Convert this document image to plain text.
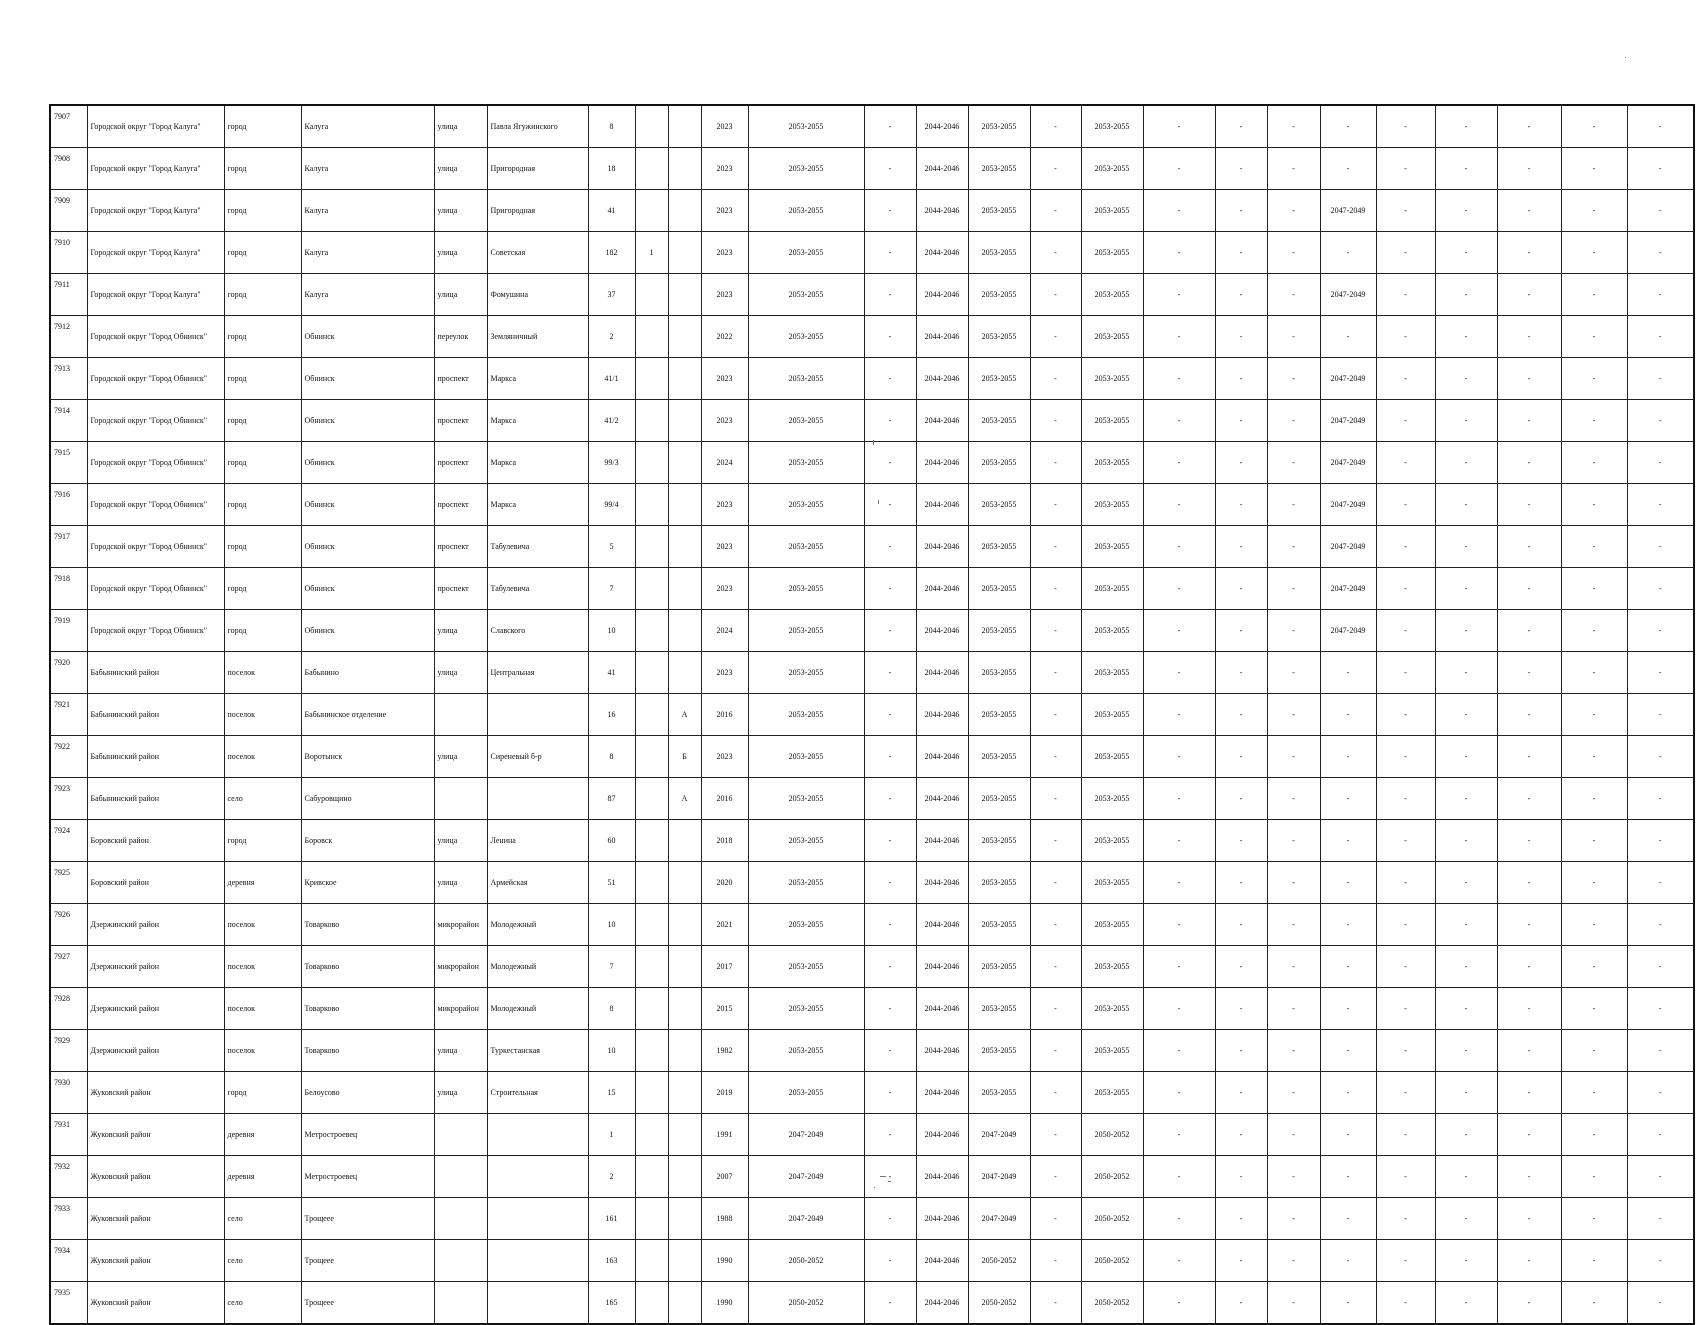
7907	Городской округ "Город Калуга"	город	Калуга	улица	Павла Ягужинского	8			2023	2053-2055	-	2044-2046	2053-2055	-	2053-2055	-	-	-	-	-	-	-	-	-
7908	Городской округ "Город Калуга"	город	Калуга	улица	Пригородная	18			2023	2053-2055	-	2044-2046	2053-2055	-	2053-2055	-	-	-	-	-	-	-	-	-
7909	Городской округ "Город Калуга"	город	Калуга	улица	Пригородная	41			2023	2053-2055	-	2044-2046	2053-2055	-	2053-2055	-	-	-	2047-2049	-	-	-	-	-
7910	Городской округ "Город Калуга"	город	Калуга	улица	Советская	182	1		2023	2053-2055	-	2044-2046	2053-2055	-	2053-2055	-	-	-	-	-	-	-	-	-
7911	Городской округ "Город Калуга"	город	Калуга	улица	Фомушина	37			2023	2053-2055	-	2044-2046	2053-2055	-	2053-2055	-	-	-	2047-2049	-	-	-	-	-
7912	Городской округ "Город Обнинск"	город	Обнинск	переулок	Земляничный	2			2022	2053-2055	-	2044-2046	2053-2055	-	2053-2055	-	-	-	-	-	-	-	-	-
7913	Городской округ "Город Обнинск"	город	Обнинск	проспект	Маркса	41/1			2023	2053-2055	-	2044-2046	2053-2055	-	2053-2055	-	-	-	2047-2049	-	-	-	-	-
7914	Городской округ "Город Обнинск"	город	Обнинск	проспект	Маркса	41/2			2023	2053-2055	-	2044-2046	2053-2055	-	2053-2055	-	-	-	2047-2049	-	-	-	-	-
7915	Городской округ "Город Обнинск"	город	Обнинск	проспект	Маркса	99/3			2024	2053-2055	-	2044-2046	2053-2055	-	2053-2055	-	-	-	2047-2049	-	-	-	-	-
7916	Городской округ "Город Обнинск"	город	Обнинск	проспект	Маркса	99/4			2023	2053-2055	-	2044-2046	2053-2055	-	2053-2055	-	-	-	2047-2049	-	-	-	-	-
7917	Городской округ "Город Обнинск"	город	Обнинск	проспект	Табулевича	5			2023	2053-2055	-	2044-2046	2053-2055	-	2053-2055	-	-	-	2047-2049	-	-	-	-	-
7918	Городской округ "Город Обнинск"	город	Обнинск	проспект	Табулевича	7			2023	2053-2055	-	2044-2046	2053-2055	-	2053-2055	-	-	-	2047-2049	-	-	-	-	-
7919	Городской округ "Город Обнинск"	город	Обнинск	улица	Славского	10			2024	2053-2055	-	2044-2046	2053-2055	-	2053-2055	-	-	-	2047-2049	-	-	-	-	-
7920	Бабынинский район	поселок	Бабынино	улица	Центральная	41			2023	2053-2055	-	2044-2046	2053-2055	-	2053-2055	-	-	-	-	-	-	-	-	-
7921	Бабынинский район	поселок	Бабынинское отделение			16		А	2016	2053-2055	-	2044-2046	2053-2055	-	2053-2055	-	-	-	-	-	-	-	-	-
7922	Бабынинский район	поселок	Воротынск	улица	Сиреневый б-р	8		Б	2023	2053-2055	-	2044-2046	2053-2055	-	2053-2055	-	-	-	-	-	-	-	-	-
7923	Бабынинский район	село	Сабуровщино			87		А	2016	2053-2055	-	2044-2046	2053-2055	-	2053-2055	-	-	-	-	-	-	-	-	-
7924	Боровский район	город	Боровск	улица	Ленина	60			2018	2053-2055	-	2044-2046	2053-2055	-	2053-2055	-	-	-	-	-	-	-	-	-
7925	Боровский район	деревня	Кривское	улица	Армейская	51			2020	2053-2055	-	2044-2046	2053-2055	-	2053-2055	-	-	-	-	-	-	-	-	-
7926	Дзержинский район	поселок	Товарково	микрорайон	Молодежный	10			2021	2053-2055	-	2044-2046	2053-2055	-	2053-2055	-	-	-	-	-	-	-	-	-
7927	Дзержинский район	поселок	Товарково	микрорайон	Молодежный	7			2017	2053-2055	-	2044-2046	2053-2055	-	2053-2055	-	-	-	-	-	-	-	-	-
7928	Дзержинский район	поселок	Товарково	микрорайон	Молодежный	8			2015	2053-2055	-	2044-2046	2053-2055	-	2053-2055	-	-	-	-	-	-	-	-	-
7929	Дзержинский район	поселок	Товарково	улица	Туркестанская	10			1982	2053-2055	-	2044-2046	2053-2055	-	2053-2055	-	-	-	-	-	-	-	-	-
7930	Жуковский район	город	Белоусово	улица	Строительная	15			2019	2053-2055	-	2044-2046	2053-2055	-	2053-2055	-	-	-	-	-	-	-	-	-
7931	Жуковский район	деревня	Метростроевец			1			1991	2047-2049	-	2044-2046	2047-2049	-	2050-2052	-	-	-	-	-	-	-	-	-
7932	Жуковский район	деревня	Метростроевец			2			2007	2047-2049	-	2044-2046	2047-2049	-	2050-2052	-	-	-	-	-	-	-	-	-
7933	Жуковский район	село	Трощеее			161			1988	2047-2049	-	2044-2046	2047-2049	-	2050-2052	-	-	-	-	-	-	-	-	-
7934	Жуковский район	село	Трощеее			163			1990	2050-2052	-	2044-2046	2050-2052	-	2050-2052	-	-	-	-	-	-	-	-	-
7935	Жуковский район	село	Трощеее			165			1990	2050-2052	-	2044-2046	2050-2052	-	2050-2052	-	-	-	-	-	-	-	-	-
